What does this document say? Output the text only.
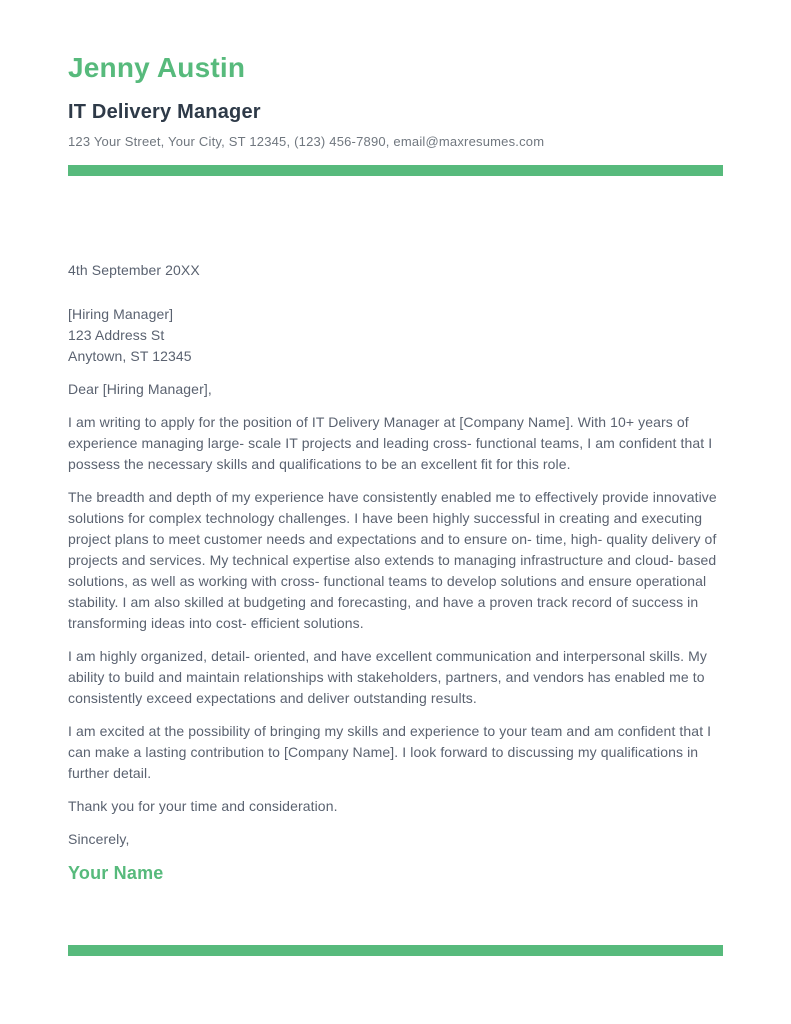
Jenny Austin
IT Delivery Manager

123 Your Street, Your City, ST 12345, (123) 456-7890, email@maxresumes.com

4th September 20XX

[Hiring Manager]

123 Address St

Anytown, ST 12345

Dear [Hiring Manager],

I am writing to apply for the position of IT Delivery Manager at [Company Name]. With 10+ years of experience managing large- scale IT projects and leading cross- functional teams, I am confident that I possess the necessary skills and qualifications to be an excellent fit for this role.

The breadth and depth of my experience have consistently enabled me to effectively provide innovative solutions for complex technology challenges. I have been highly successful in creating and executing project plans to meet customer needs and expectations and to ensure on- time, high- quality delivery of projects and services. My technical expertise also extends to managing infrastructure and cloud- based solutions, as well as working with cross- functional teams to develop solutions and ensure operational stability. I am also skilled at budgeting and forecasting, and have a proven track record of success in transforming ideas into cost- efficient solutions.

I am highly organized, detail- oriented, and have excellent communication and interpersonal skills. My ability to build and maintain relationships with stakeholders, partners, and vendors has enabled me to consistently exceed expectations and deliver outstanding results.

I am excited at the possibility of bringing my skills and experience to your team and am confident that I can make a lasting contribution to [Company Name]. I look forward to discussing my qualifications in further detail.

Thank you for your time and consideration.

Sincerely,

Your Name
